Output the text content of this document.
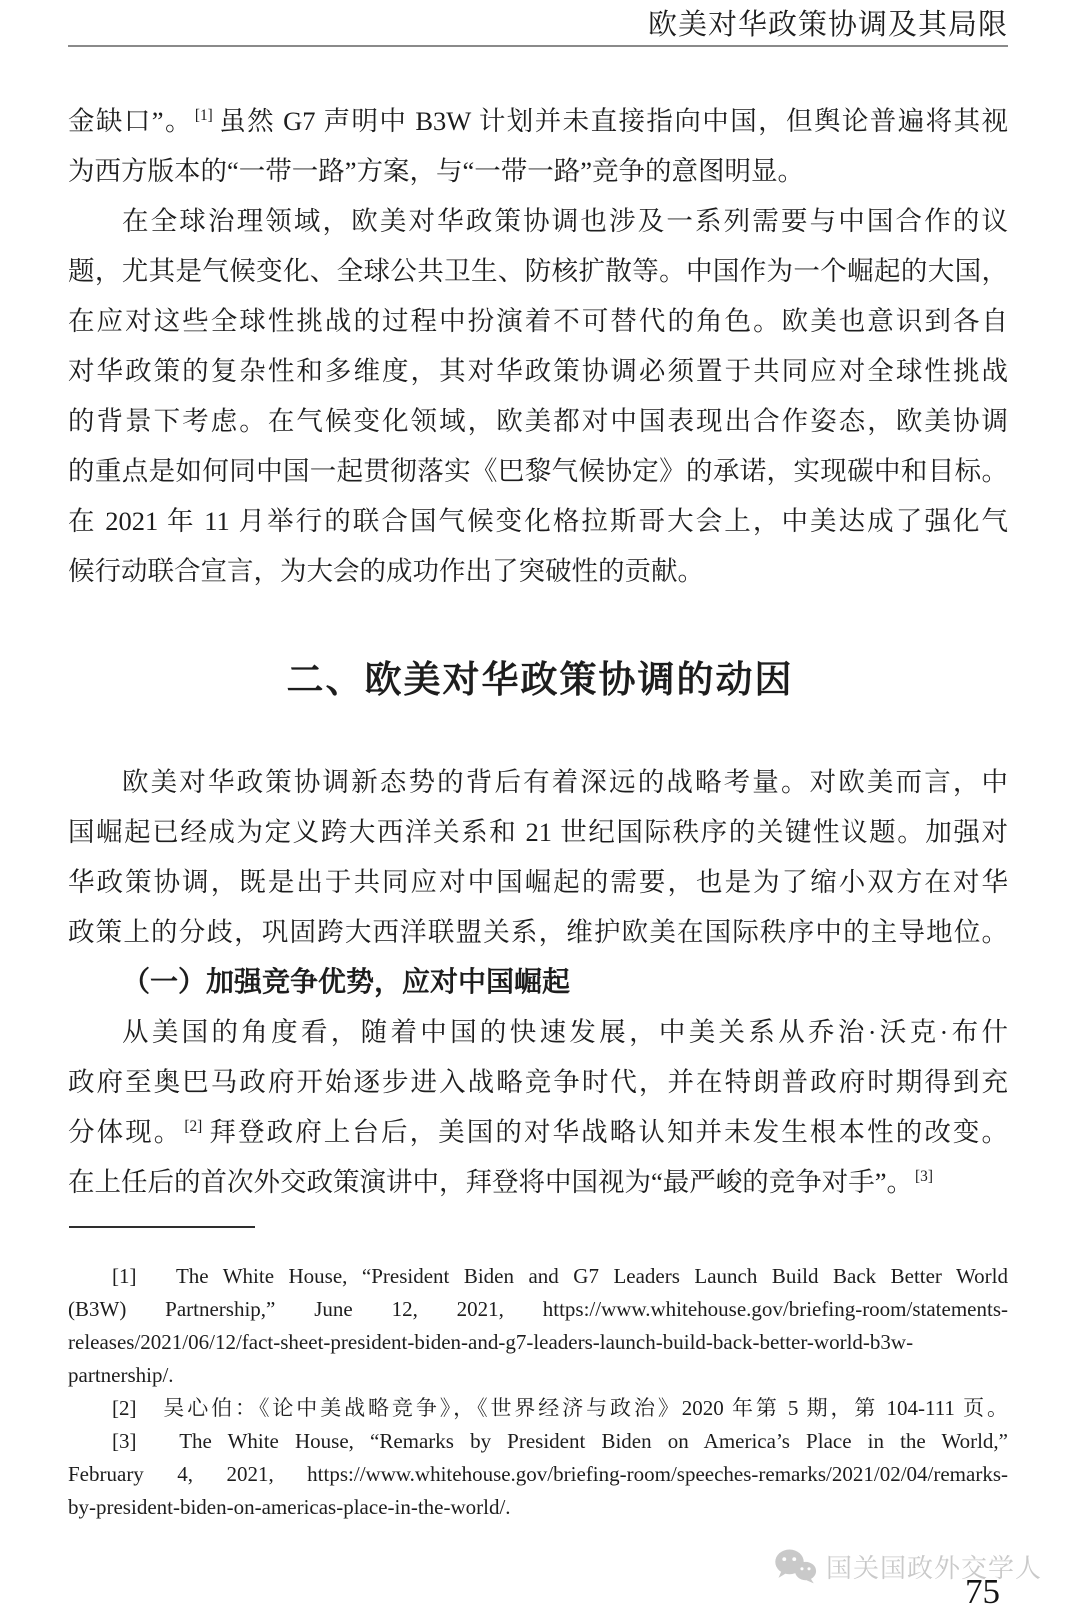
欧美对华政策协调及其局限
金缺口”。 [1] 虽然 G7 声明中 B3W 计划并未直接指向中国，但舆论普遍将其视
为西方版本的“一带一路”方案，与“一带一路”竞争的意图明显。
在全球治理领域，欧美对华政策协调也涉及一系列需要与中国合作的议
题，尤其是气候变化、全球公共卫生、防核扩散等。中国作为一个崛起的大国，
在应对这些全球性挑战的过程中扮演着不可替代的角色。欧美也意识到各自
对华政策的复杂性和多维度，其对华政策协调必须置于共同应对全球性挑战
的背景下考虑。在气候变化领域，欧美都对中国表现出合作姿态，欧美协调
的重点是如何同中国一起贯彻落实《巴黎气候协定》的承诺，实现碳中和目标。
在 2021 年 11 月举行的联合国气候变化格拉斯哥大会上，中美达成了强化气
候行动联合宣言，为大会的成功作出了突破性的贡献。
二、欧美对华政策协调的动因
欧美对华政策协调新态势的背后有着深远的战略考量。对欧美而言，中
国崛起已经成为定义跨大西洋关系和 21 世纪国际秩序的关键性议题。加强对
华政策协调，既是出于共同应对中国崛起的需要，也是为了缩小双方在对华
政策上的分歧，巩固跨大西洋联盟关系，维护欧美在国际秩序中的主导地位。
（一）加强竞争优势，应对中国崛起
从美国的角度看，随着中国的快速发展，中美关系从乔治·沃克·布什
政府至奥巴马政府开始逐步进入战略竞争时代，并在特朗普政府时期得到充
分体现。 [2] 拜登政府上台后，美国的对华战略认知并未发生根本性的改变。
在上任后的首次外交政策演讲中，拜登将中国视为“最严峻的竞争对手”。 [3]
[1]　The White House, “President Biden and G7 Leaders Launch Build Back Better World
(B3W) Partnership,” June 12, 2021, https://www.whitehouse.gov/briefing-room/statements-
releases/2021/06/12/fact-sheet-president-biden-and-g7-leaders-launch-build-back-better-world-b3w-
partnership/.
[2]　吴心伯：《论中美战略竞争》，《世界经济与政治》2020 年第 5 期，第 104-111 页。
[3]　The White House, “Remarks by President Biden on America’s Place in the World,”
February 4, 2021, https://www.whitehouse.gov/briefing-room/speeches-remarks/2021/02/04/remarks-
by-president-biden-on-americas-place-in-the-world/.
国关国政外交学人
75
